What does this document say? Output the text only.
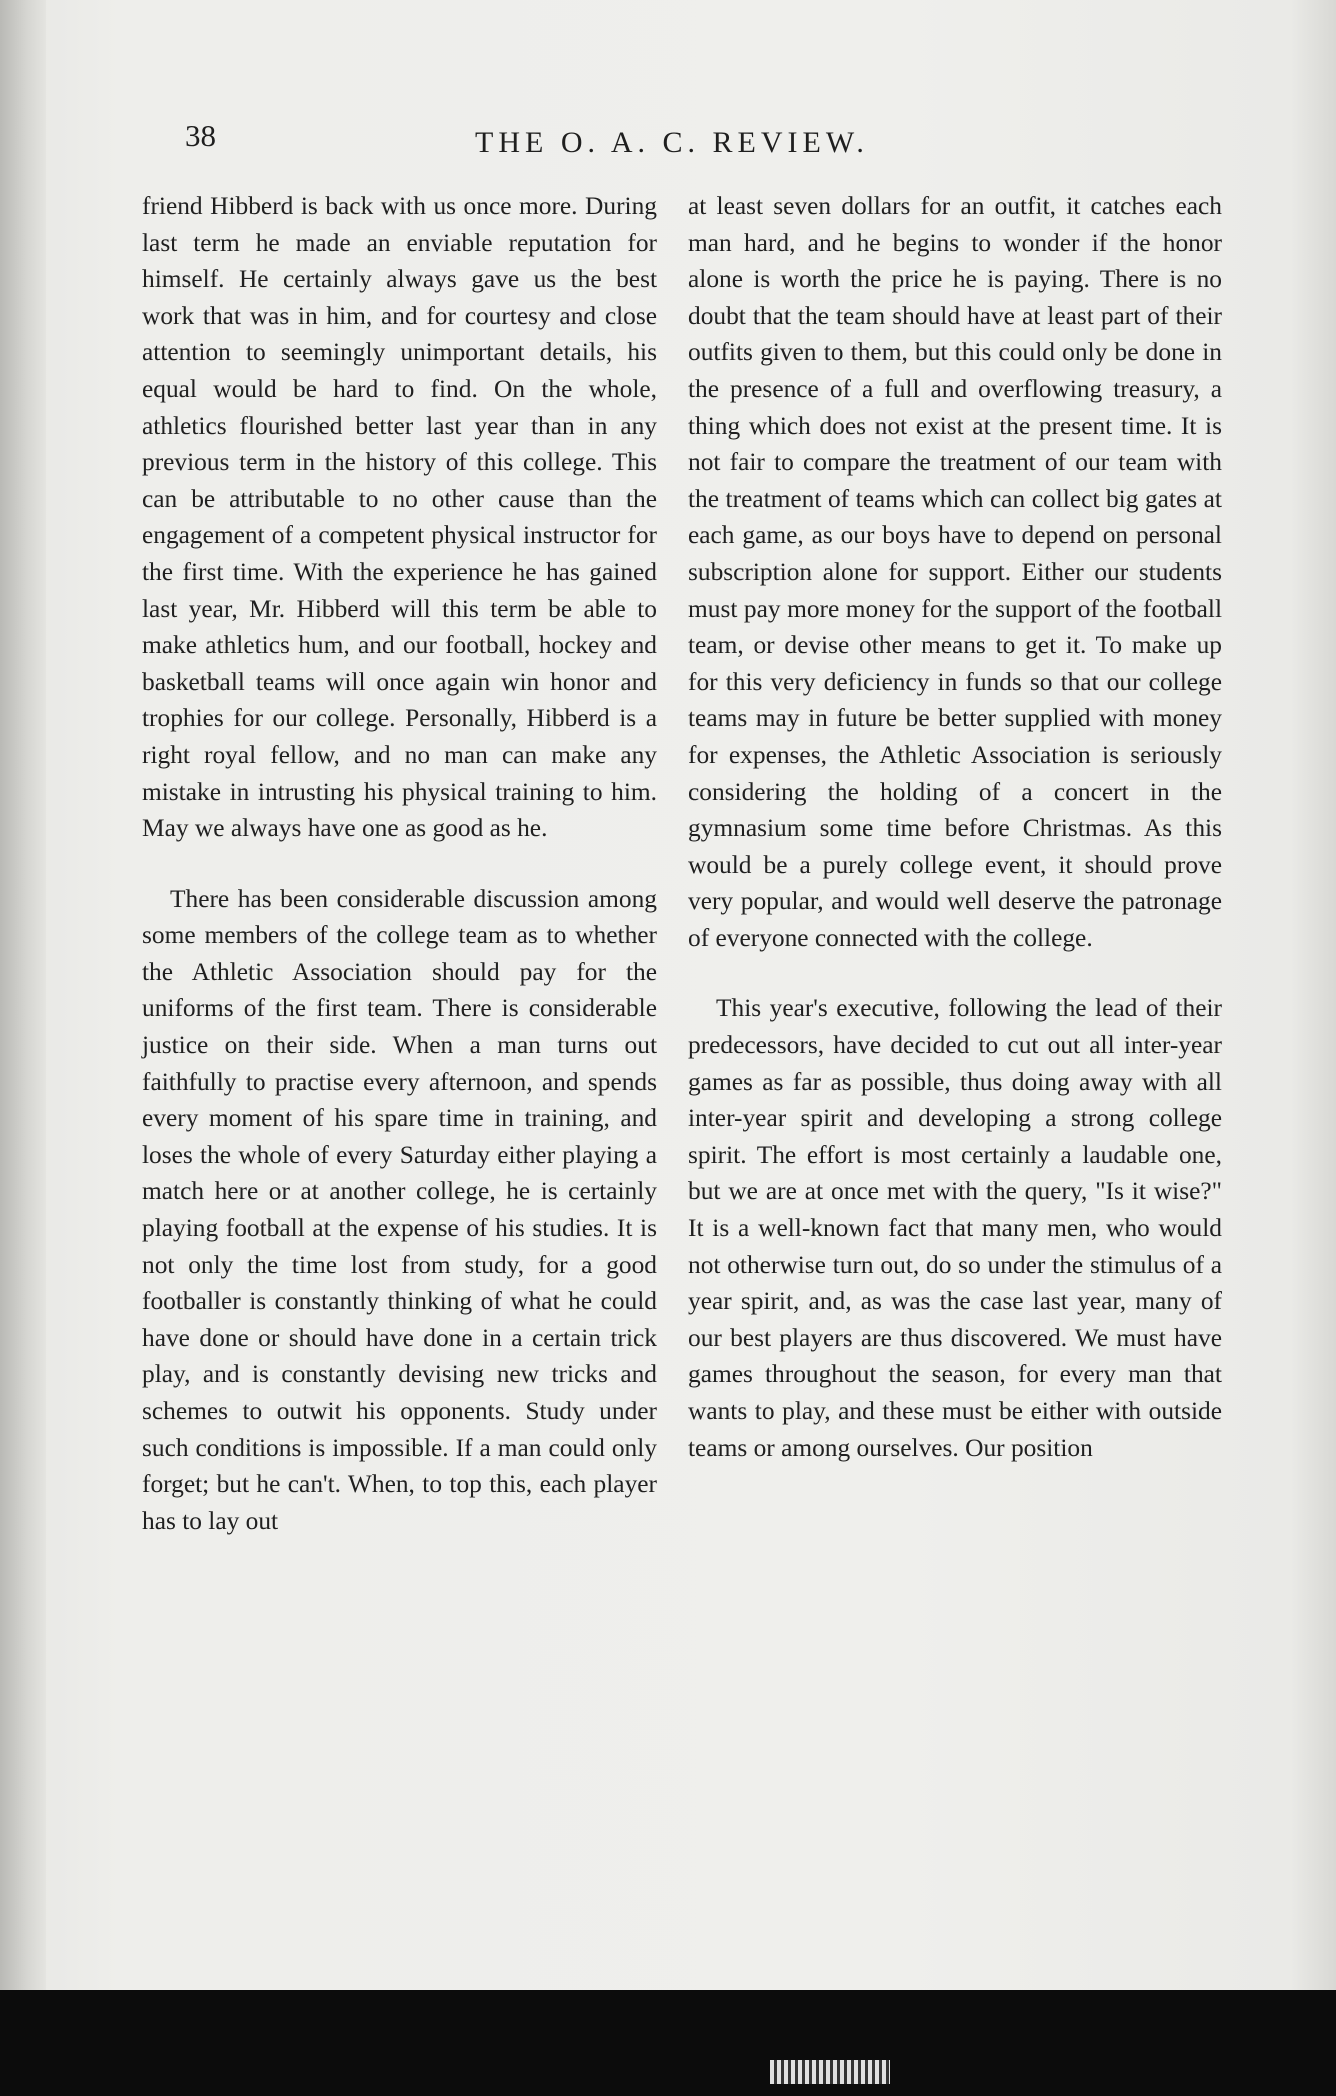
38	THE O. A. C. REVIEW.

friend Hibberd is back with us once more. During last term he made an enviable reputation for himself. He certainly always gave us the best work that was in him, and for courtesy and close attention to seemingly unimportant details, his equal would be hard to find. On the whole, athletics flourished better last year than in any previous term in the history of this college. This can be attributable to no other cause than the engagement of a competent physical instructor for the first time. With the experience he has gained last year, Mr. Hibberd will this term be able to make athletics hum, and our football, hockey and basketball teams will once again win honor and trophies for our college. Personally, Hibberd is a right royal fellow, and no man can make any mistake in intrusting his physical training to him. May we always have one as good as he.

There has been considerable discussion among some members of the college team as to whether the Athletic Association should pay for the uniforms of the first team. There is considerable justice on their side. When a man turns out faithfully to practise every afternoon, and spends every moment of his spare time in training, and loses the whole of every Saturday either playing a match here or at another college, he is certainly playing football at the expense of his studies. It is not only the time lost from study, for a good footballer is constantly thinking of what he could have done or should have done in a certain trick play, and is constantly devising new tricks and schemes to outwit his opponents. Study under such conditions is impossible. If a man could only forget; but he can't. When, to top this, each player has to lay out

at least seven dollars for an outfit, it catches each man hard, and he begins to wonder if the honor alone is worth the price he is paying. There is no doubt that the team should have at least part of their outfits given to them, but this could only be done in the presence of a full and overflowing treasury, a thing which does not exist at the present time. It is not fair to compare the treatment of our team with the treatment of teams which can collect big gates at each game, as our boys have to depend on personal subscription alone for support. Either our students must pay more money for the support of the football team, or devise other means to get it. To make up for this very deficiency in funds so that our college teams may in future be better supplied with money for expenses, the Athletic Association is seriously considering the holding of a concert in the gymnasium some time before Christmas. As this would be a purely college event, it should prove very popular, and would well deserve the patronage of everyone connected with the college.

This year's executive, following the lead of their predecessors, have decided to cut out all inter-year games as far as possible, thus doing away with all inter-year spirit and developing a strong college spirit. The effort is most certainly a laudable one, but we are at once met with the query, "Is it wise?" It is a well-known fact that many men, who would not otherwise turn out, do so under the stimulus of a year spirit, and, as was the case last year, many of our best players are thus discovered. We must have games throughout the season, for every man that wants to play, and these must be either with outside teams or among ourselves. Our position
